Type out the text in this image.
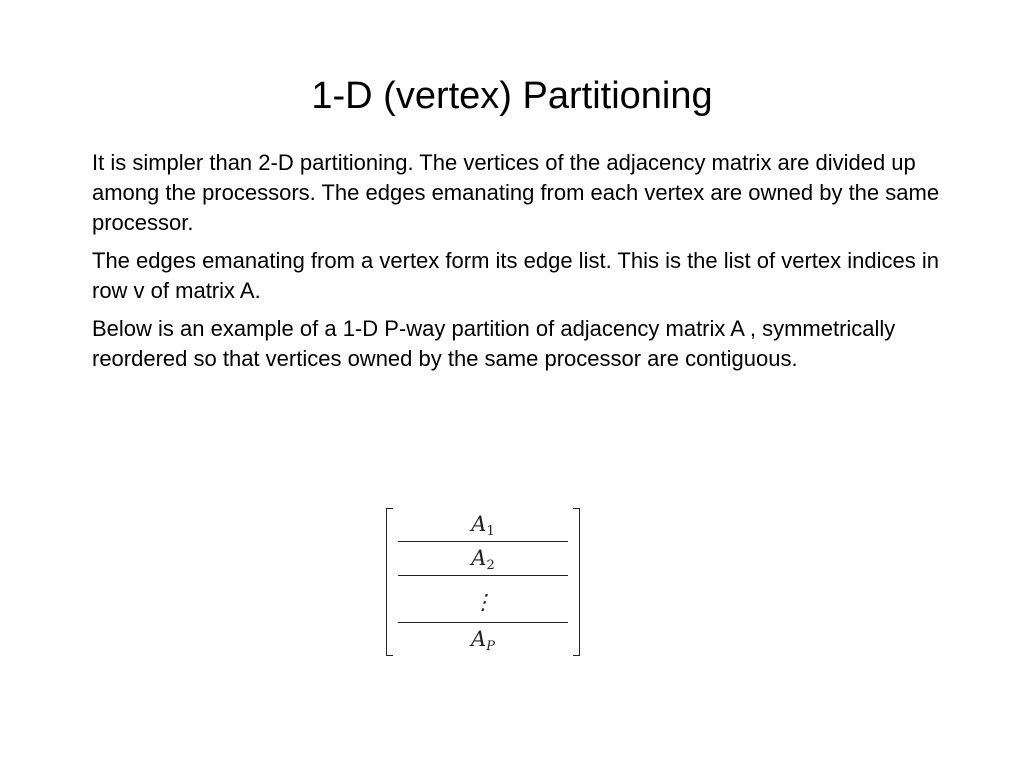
1-D (vertex) Partitioning

It is simpler than 2-D partitioning. The vertices of the adjacency matrix are divided up among the processors. The edges emanating from each vertex are owned by the same processor.

The edges emanating from a vertex form its edge list. This is the list of vertex indices in row v of matrix A.

Below is an example of a 1-D P-way partition of adjacency matrix A , symmetrically reordered so that vertices owned by the same processor are contiguous.

$A_1$
$A_2$
⋮
$A_P$
